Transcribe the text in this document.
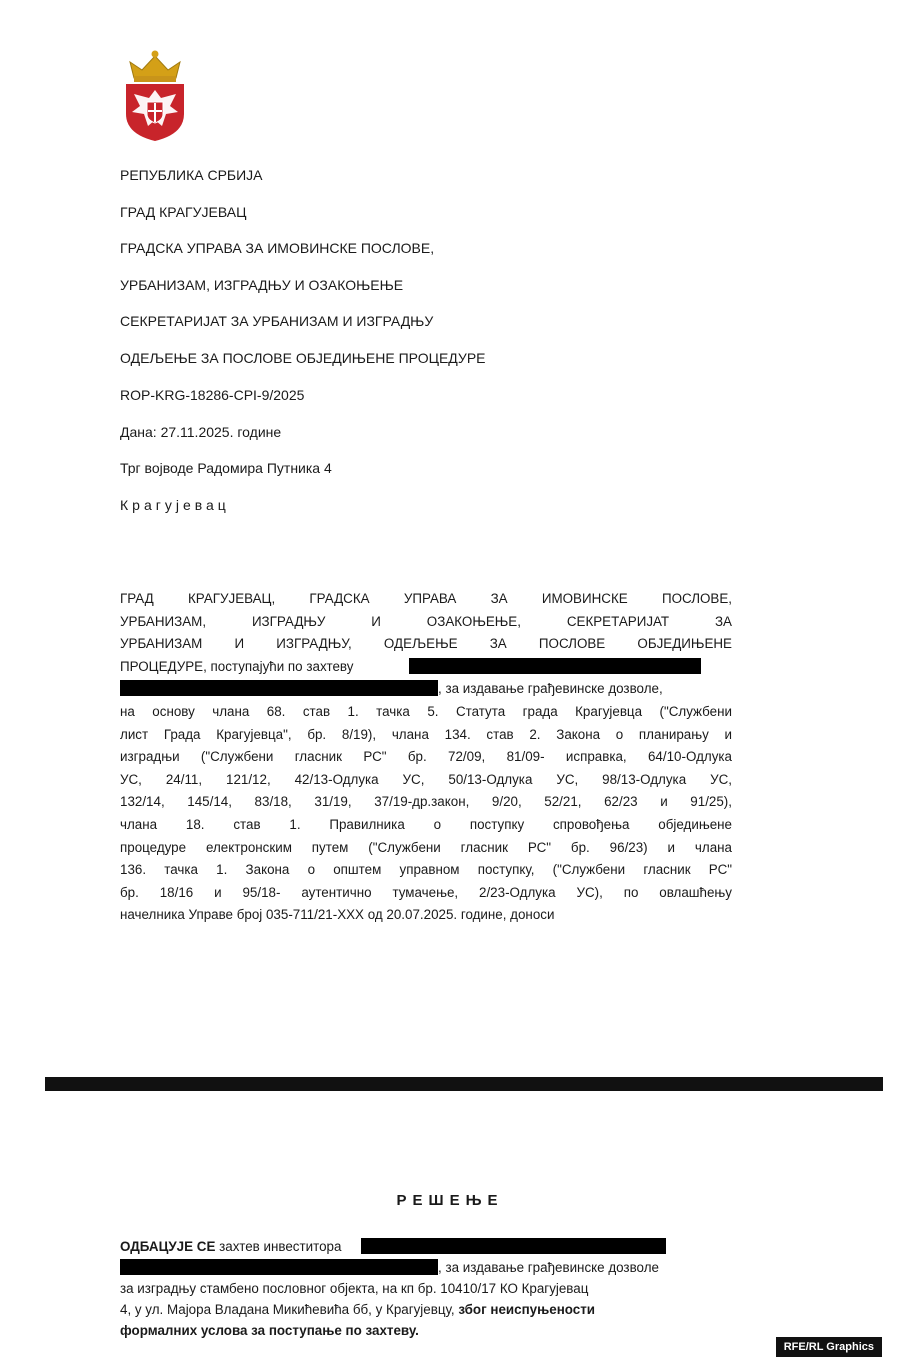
РЕПУБЛИКА СРБИЈА
ГРАД КРАГУЈЕВАЦ
ГРАДСКА УПРАВА ЗА ИМОВИНСКЕ ПОСЛОВЕ,
УРБАНИЗАМ, ИЗГРАДЊУ И ОЗАКОЊЕЊЕ
СЕКРЕТАРИЈАТ ЗА УРБАНИЗАМ И ИЗГРАДЊУ
ОДЕЉЕЊЕ ЗА ПОСЛОВЕ ОБЈЕДИЊЕНЕ ПРОЦЕДУРЕ
ROP-KRG-18286-CPI-9/2025
Дана: 27.11.2025. године
Трг војводе Радомира Путника 4
Крагујевац
ГРАД КРАГУЈЕВАЦ, ГРАДСКА УПРАВА ЗА ИМОВИНСКЕ ПОСЛОВЕ,
УРБАНИЗАМ, ИЗГРАДЊУ И ОЗАКОЊЕЊЕ, СЕКРЕТАРИЈАТ ЗА
УРБАНИЗАМ И ИЗГРАДЊУ, ОДЕЉЕЊЕ ЗА ПОСЛОВЕ ОБЈЕДИЊЕНЕ
ПРОЦЕДУРЕ, поступајући по захтеву
, за издавање грађевинске дозволе,
на основу члана 68. став 1. тачка 5. Статута града Крагујевца ("Службени
лист Града Крагујевца", бр. 8/19), члана 134. став 2. Закона о планирању и
изградњи ("Службени гласник РС" бр. 72/09, 81/09- исправка, 64/10-Одлука
УС, 24/11, 121/12, 42/13-Одлука УС, 50/13-Одлука УС, 98/13-Одлука УС,
132/14, 145/14, 83/18, 31/19, 37/19-др.закон, 9/20, 52/21, 62/23 и 91/25),
члана 18. став 1. Правилника о поступку спровођења обједињене
процедуре електронским путем ("Службени гласник РС" бр. 96/23) и члана
136. тачка 1. Закона о општем управном поступку, ("Службени гласник РС"
бр. 18/16 и 95/18- аутентично тумачење, 2/23-Одлука УС), по овлашћењу
начелника Управе број 035-711/21-XXX од 20.07.2025. године, доноси
РЕШЕЊЕ
ОДБАЦУЈЕ СЕ захтев инвеститора
, за издавање грађевинске дозволе
за изградњу стамбено пословног објекта, на кп бр. 10410/17 КО Крагујевац
4, у ул. Мајора Владана Микићевића бб, у Крагујевцу, због неиспуњености
формалних услова за поступање по захтеву.
RFE/RL Graphics
